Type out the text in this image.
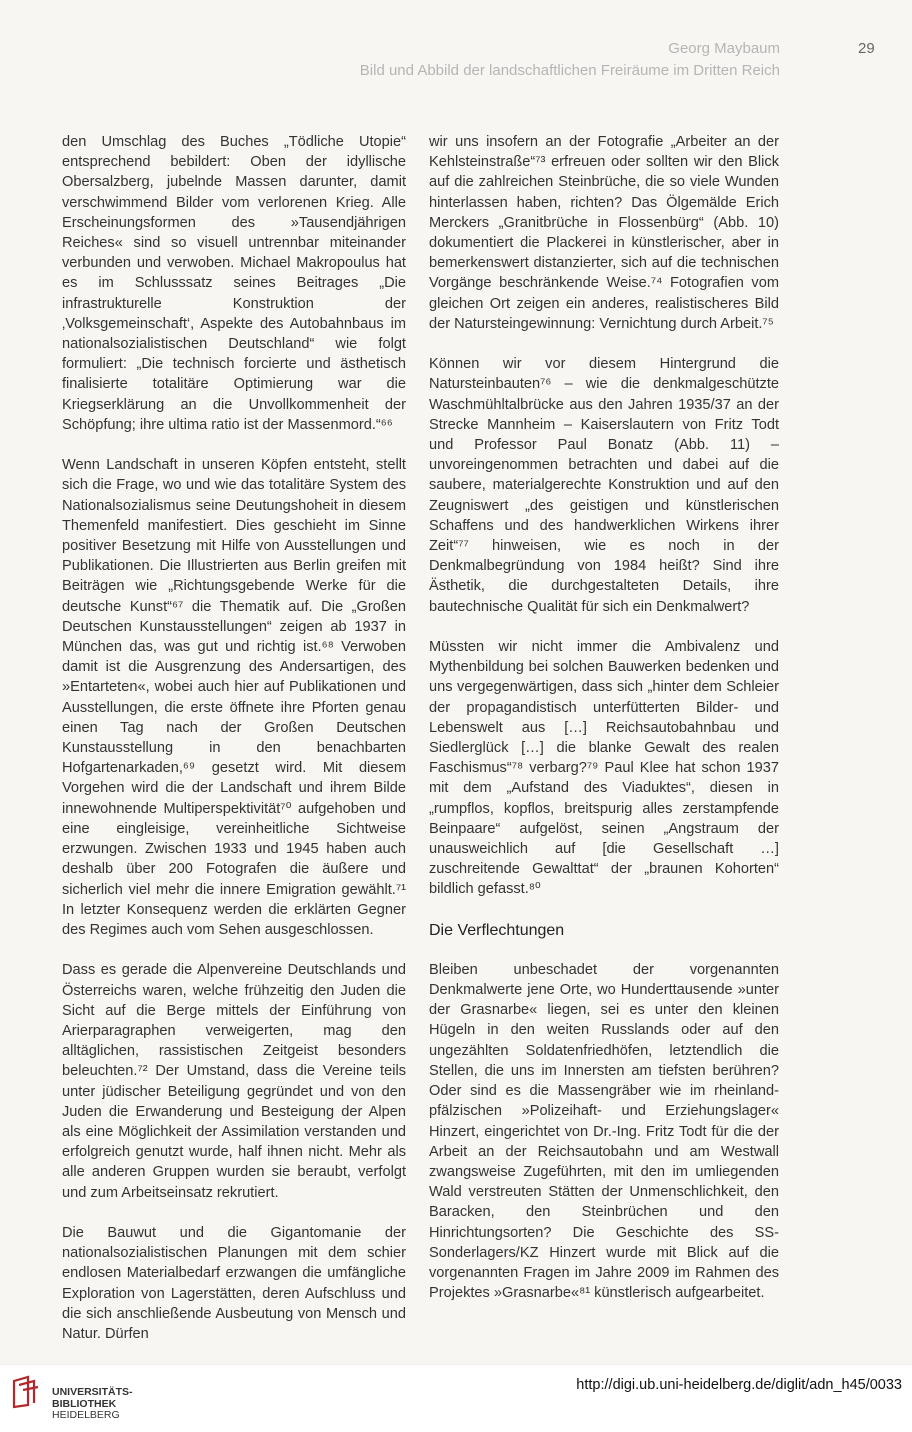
Georg Maybaum
Bild und Abbild der landschaftlichen Freiräume im Dritten Reich
29

den Umschlag des Buches „Tödliche Utopie“ entsprechend bebildert: Oben der idyllische Obersalzberg, jubelnde Massen darunter, damit verschwimmend Bilder vom verlorenen Krieg. Alle Erscheinungsformen des »Tausendjährigen Reiches« sind so visuell untrennbar miteinander verbunden und verwoben. Michael Makropoulus hat es im Schlusssatz seines Beitrages „Die infrastrukturelle Konstruktion der ‚Volksgemeinschaft‘, Aspekte des Autobahnbaus im nationalsozialistischen Deutschland“ wie folgt formuliert: „Die technisch forcierte und ästhetisch finalisierte totalitäre Optimierung war die Kriegserklärung an die Unvollkommenheit der Schöpfung; ihre ultima ratio ist der Massenmord.“⁶⁶

Wenn Landschaft in unseren Köpfen entsteht, stellt sich die Frage, wo und wie das totalitäre System des Nationalsozialismus seine Deutungshoheit in diesem Themenfeld manifestiert. Dies geschieht im Sinne positiver Besetzung mit Hilfe von Ausstellungen und Publikationen. Die Illustrierten aus Berlin greifen mit Beiträgen wie „Richtungsgebende Werke für die deutsche Kunst“⁶⁷ die Thematik auf. Die „Großen Deutschen Kunstausstellungen“ zeigen ab 1937 in München das, was gut und richtig ist.⁶⁸ Verwoben damit ist die Ausgrenzung des Andersartigen, des »Entarteten«, wobei auch hier auf Publikationen und Ausstellungen, die erste öffnete ihre Pforten genau einen Tag nach der Großen Deutschen Kunstausstellung in den benachbarten Hofgartenarkaden,⁶⁹ gesetzt wird. Mit diesem Vorgehen wird die der Landschaft und ihrem Bilde innewohnende Multiperspektivität⁷⁰ aufgehoben und eine eingleisige, vereinheitliche Sichtweise erzwungen. Zwischen 1933 und 1945 haben auch deshalb über 200 Fotografen die äußere und sicherlich viel mehr die innere Emigration gewählt.⁷¹ In letzter Konsequenz werden die erklärten Gegner des Regimes auch vom Sehen ausgeschlossen.

Dass es gerade die Alpenvereine Deutschlands und Österreichs waren, welche frühzeitig den Juden die Sicht auf die Berge mittels der Einführung von Arierparagraphen verweigerten, mag den alltäglichen, rassistischen Zeitgeist besonders beleuchten.⁷² Der Umstand, dass die Vereine teils unter jüdischer Beteiligung gegründet und von den Juden die Erwanderung und Besteigung der Alpen als eine Möglichkeit der Assimilation verstanden und erfolgreich genutzt wurde, half ihnen nicht. Mehr als alle anderen Gruppen wurden sie beraubt, verfolgt und zum Arbeitseinsatz rekrutiert.

Die Bauwut und die Gigantomanie der nationalsozialistischen Planungen mit dem schier endlosen Materialbedarf erzwangen die umfängliche Exploration von Lagerstätten, deren Aufschluss und die sich anschließende Ausbeutung von Mensch und Natur. Dürfen

wir uns insofern an der Fotografie „Arbeiter an der Kehlsteinstraße“⁷³ erfreuen oder sollten wir den Blick auf die zahlreichen Steinbrüche, die so viele Wunden hinterlassen haben, richten? Das Ölgemälde Erich Merckers „Granitbrüche in Flossenbürg“ (Abb. 10) dokumentiert die Plackerei in künstlerischer, aber in bemerkenswert distanzierter, sich auf die technischen Vorgänge beschränkende Weise.⁷⁴ Fotografien vom gleichen Ort zeigen ein anderes, realistischeres Bild der Natursteingewinnung: Vernichtung durch Arbeit.⁷⁵

Können wir vor diesem Hintergrund die Natursteinbauten⁷⁶ – wie die denkmalgeschützte Waschmühltalbrücke aus den Jahren 1935/37 an der Strecke Mannheim – Kaiserslautern von Fritz Todt und Professor Paul Bonatz (Abb. 11) – unvoreingenommen betrachten und dabei auf die saubere, materialgerechte Konstruktion und auf den Zeugniswert „des geistigen und künstlerischen Schaffens und des handwerklichen Wirkens ihrer Zeit“⁷⁷ hinweisen, wie es noch in der Denkmalbegründung von 1984 heißt? Sind ihre Ästhetik, die durchgestalteten Details, ihre bautechnische Qualität für sich ein Denkmalwert?

Müssten wir nicht immer die Ambivalenz und Mythenbildung bei solchen Bauwerken bedenken und uns vergegenwärtigen, dass sich „hinter dem Schleier der propagandistisch unterfütterten Bilder- und Lebenswelt aus […] Reichsautobahnbau und Siedlerglück […] die blanke Gewalt des realen Faschismus“⁷⁸ verbarg?⁷⁹ Paul Klee hat schon 1937 mit dem „Aufstand des Viaduktes“, diesen in „rumpflos, kopflos, breitspurig alles zerstampfende Beinpaare“ aufgelöst, seinen „Angstraum der unausweichlich auf [die Gesellschaft …] zuschreitende Gewalttat“ der „braunen Kohorten“ bildlich gefasst.⁸⁰

Die Verflechtungen

Bleiben unbeschadet der vorgenannten Denkmalwerte jene Orte, wo Hunderttausende »unter der Grasnarbe« liegen, sei es unter den kleinen Hügeln in den weiten Russlands oder auf den ungezählten Soldatenfriedhöfen, letztendlich die Stellen, die uns im Innersten am tiefsten berühren? Oder sind es die Massengräber wie im rheinland-pfälzischen »Polizeihaft- und Erziehungslager« Hinzert, eingerichtet von Dr.-Ing. Fritz Todt für die der Arbeit an der Reichsautobahn und am Westwall zwangsweise Zugeführten, mit den im umliegenden Wald verstreuten Stätten der Unmenschlichkeit, den Baracken, den Steinbrüchen und den Hinrichtungsorten? Die Geschichte des SS-Sonderlagers/KZ Hinzert wurde mit Blick auf die vorgenannten Fragen im Jahre 2009 im Rahmen des Projektes »Grasnarbe«⁸¹ künstlerisch aufgearbeitet.

UNIVERSITÄTS-
BIBLIOTHEK
HEIDELBERG
http://digi.ub.uni-heidelberg.de/diglit/adn_h45/0033
